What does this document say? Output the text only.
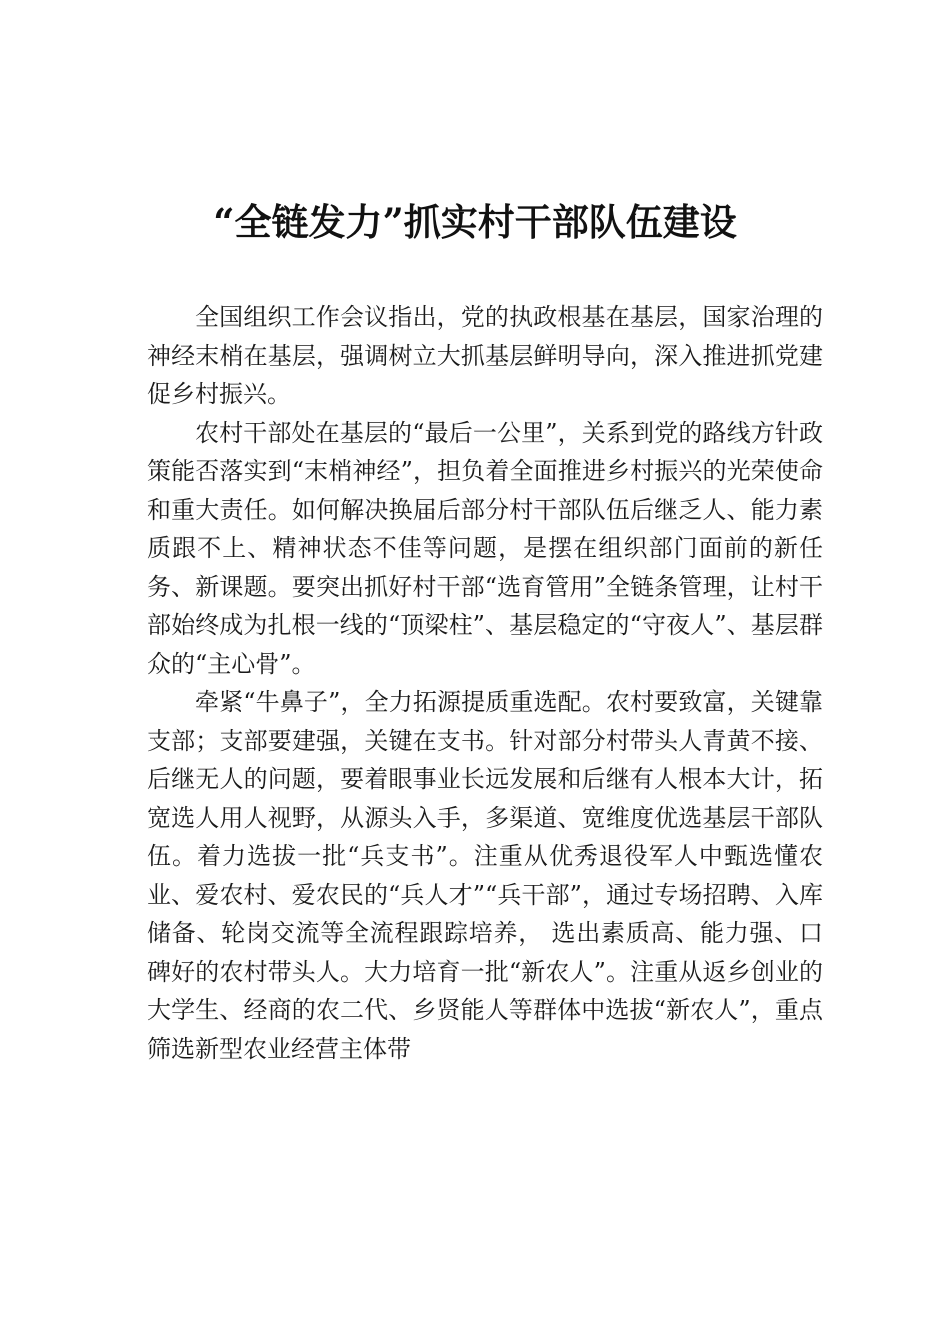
“全链发力”抓实村干部队伍建设

全国组织工作会议指出，党的执政根基在基层，国家治理的神经末梢在基层，强调树立大抓基层鲜明导向，深入推进抓党建促乡村振兴。

农村干部处在基层的“最后一公里”，关系到党的路线方针政策能否落实到“末梢神经”，担负着全面推进乡村振兴的光荣使命和重大责任。如何解决换届后部分村干部队伍后继乏人、能力素质跟不上、精神状态不佳等问题，是摆在组织部门面前的新任务、新课题。要突出抓好村干部“选育管用”全链条管理，让村干部始终成为扎根一线的“顶梁柱”、基层稳定的“守夜人”、基层群众的“主心骨”。

牵紧“牛鼻子”，全力拓源提质重选配。农村要致富，关键靠支部；支部要建强，关键在支书。针对部分村带头人青黄不接、后继无人的问题，要着眼事业长远发展和后继有人根本大计，拓宽选人用人视野，从源头入手，多渠道、宽维度优选基层干部队伍。着力选拔一批“兵支书”。注重从优秀退役军人中甄选懂农业、爱农村、爱农民的“兵人才”“兵干部”，通过专场招聘、入库储备、轮岗交流等全流程跟踪培养， 选出素质高、能力强、口碑好的农村带头人。大力培育一批“新农人”。注重从返乡创业的大学生、经商的农二代、乡贤能人等群体中选拔“新农人”，重点筛选新型农业经营主体带
